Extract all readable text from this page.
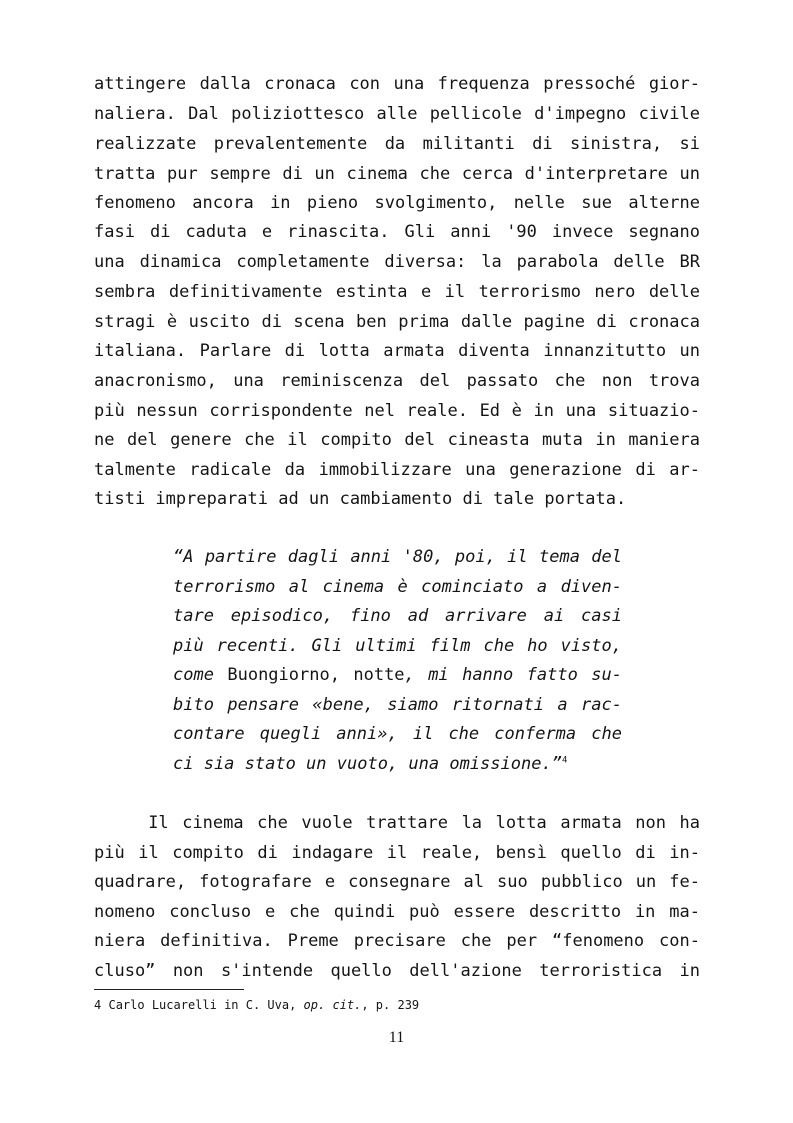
attingere dalla cronaca con una frequenza pressoché gior-
naliera. Dal poliziottesco alle pellicole d'impegno civile
realizzate prevalentemente da militanti di sinistra, si
tratta pur sempre di un cinema che cerca d'interpretare un
fenomeno ancora in pieno svolgimento, nelle sue alterne
fasi di caduta e rinascita. Gli anni '90 invece segnano
una dinamica completamente diversa: la parabola delle BR
sembra definitivamente estinta e il terrorismo nero delle
stragi è uscito di scena ben prima dalle pagine di cronaca
italiana. Parlare di lotta armata diventa innanzitutto un
anacronismo, una reminiscenza del passato che non trova
più nessun corrispondente nel reale. Ed è in una situazio-
ne del genere che il compito del cineasta muta in maniera
talmente radicale da immobilizzare una generazione di ar-
tisti impreparati ad un cambiamento di tale portata.
“A partire dagli anni '80, poi, il tema del
terrorismo al cinema è cominciato a diven-
tare episodico, fino ad arrivare ai casi
più recenti. Gli ultimi film che ho visto,
come Buongiorno, notte, mi hanno fatto su-
bito pensare «bene, siamo ritornati a rac-
contare quegli anni», il che conferma che
ci sia stato un vuoto, una omissione.”$^4$
Il cinema che vuole trattare la lotta armata non ha
più il compito di indagare il reale, bensì quello di in-
quadrare, fotografare e consegnare al suo pubblico un fe-
nomeno concluso e che quindi può essere descritto in ma-
niera definitiva. Preme precisare che per “fenomeno con-
cluso” non s'intende quello dell'azione terroristica in
4 Carlo Lucarelli in C. Uva, op. cit., p. 239
11
